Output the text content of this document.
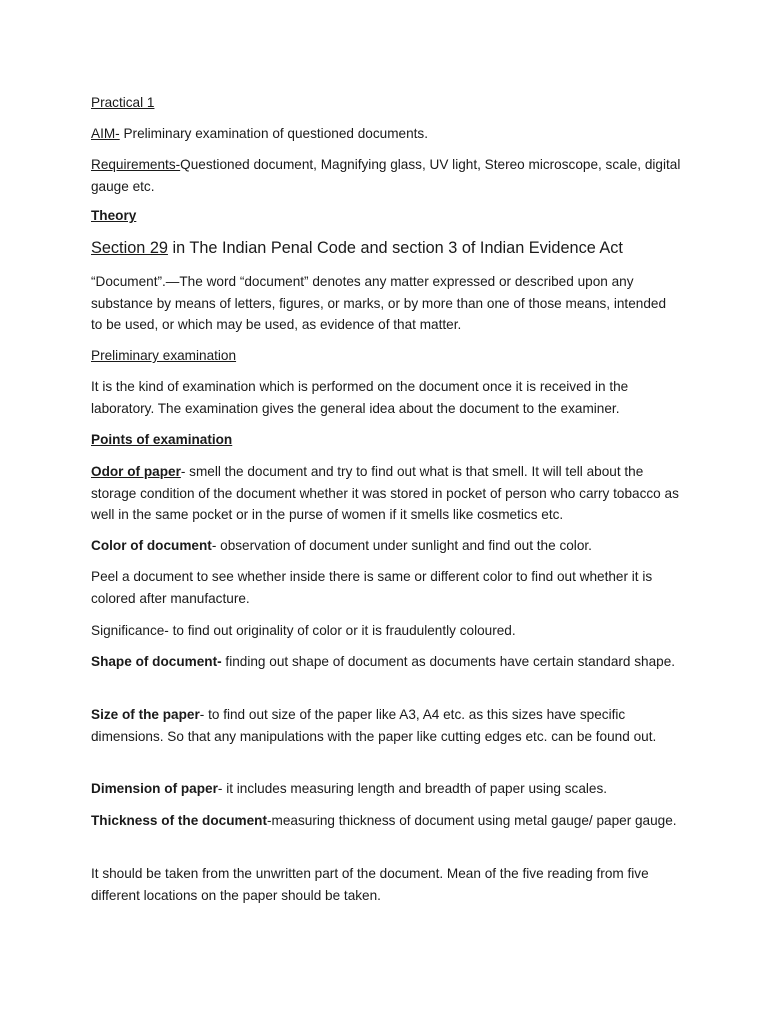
Practical 1

AIM- Preliminary examination of questioned documents.

Requirements-Questioned document, Magnifying glass, UV light, Stereo microscope, scale, digital gauge etc.

Theory

Section 29 in The Indian Penal Code and section 3 of Indian Evidence Act

“Document”.—The word “document” denotes any matter expressed or described upon any substance by means of letters, figures, or marks, or by more than one of those means, intended to be used, or which may be used, as evidence of that matter.

Preliminary examination

It is the kind of examination which is performed on the document once it is received in the laboratory. The examination gives the general idea about the document to the examiner.

Points of examination

Odor of paper- smell the document and try to find out what is that smell. It will tell about the storage condition of the document whether it was stored in pocket of person who carry tobacco as well in the same pocket or in the purse of women if it smells like cosmetics etc.

Color of document- observation of document under sunlight and find out the color.

Peel a document to see whether inside there is same or different color to find out whether it is colored after manufacture.

Significance- to find out originality of color or it is fraudulently coloured.

Shape of document- finding out shape of document as documents have certain standard shape.

Size of the paper- to find out size of the paper like A3, A4 etc. as this sizes have specific dimensions. So that any manipulations with the paper like cutting edges etc. can be found out.

Dimension of paper- it includes measuring length and breadth of paper using scales.

Thickness of the document-measuring thickness of document using metal gauge/ paper gauge.

It should be taken from the unwritten part of the document. Mean of the five reading from five different locations on the paper should be taken.
